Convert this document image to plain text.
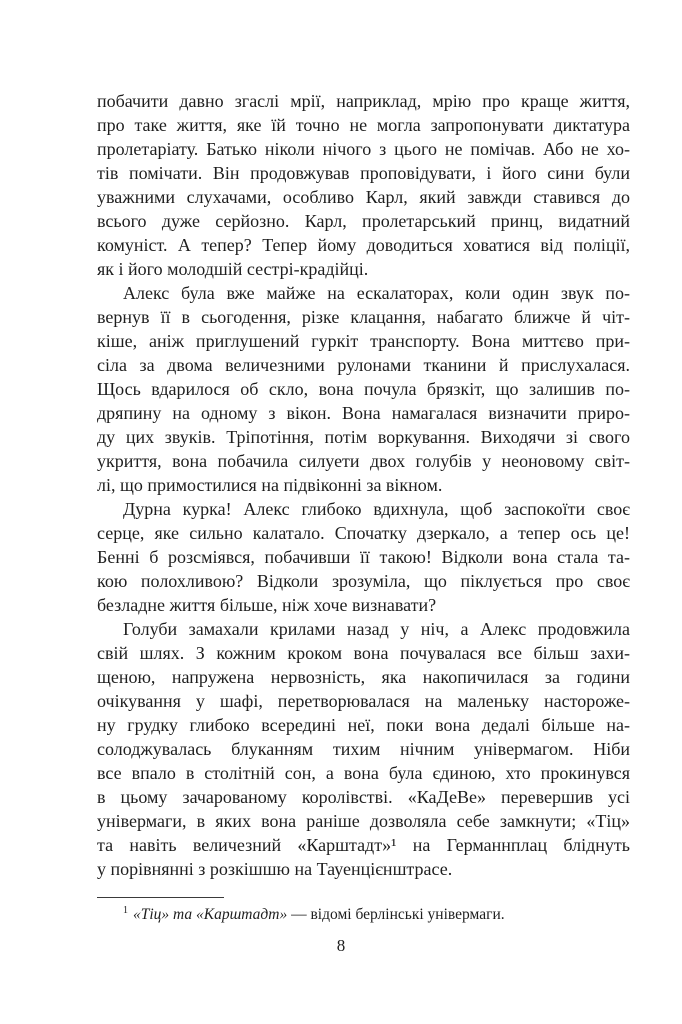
побачити давно згаслі мрії, наприклад, мрію про краще життя,
про таке життя, яке їй точно не могла запропонувати диктатура
пролетаріату. Батько ніколи нічого з цього не помічав. Або не хо-
тів помічати. Він продовжував проповідувати, і його сини були
уважними слухачами, особливо Карл, який завжди ставився до
всього дуже серйозно. Карл, пролетарський принц, видатний
комуніст. А тепер? Тепер йому доводиться ховатися від поліції,
як і його молодшій сестрі-крадійці.
Алекс була вже майже на ескалаторах, коли один звук по-
вернув її в сьогодення, різке клацання, набагато ближче й чіт-
кіше, аніж приглушений гуркіт транспорту. Вона миттєво при-
сіла за двома величезними рулонами тканини й прислухалася.
Щось вдарилося об скло, вона почула брязкіт, що залишив по-
дряпину на одному з вікон. Вона намагалася визначити приро-
ду цих звуків. Тріпотіння, потім воркування. Виходячи зі свого
укриття, вона побачила силуети двох голубів у неоновому світ-
лі, що примостилися на підвіконні за вікном.
Дурна курка! Алекс глибоко вдихнула, щоб заспокоїти своє
серце, яке сильно калатало. Спочатку дзеркало, а тепер ось це!
Бенні б розсміявся, побачивши її такою! Відколи вона стала та-
кою полохливою? Відколи зрозуміла, що піклується про своє
безладне життя більше, ніж хоче визнавати?
Голуби замахали крилами назад у ніч, а Алекс продовжила
свій шлях. З кожним кроком вона почувалася все більш захи-
щеною, напружена нервозність, яка накопичилася за години
очікування у шафі, перетворювалася на маленьку настороже-
ну грудку глибоко всередині неї, поки вона дедалі більше на-
солоджувалась блуканням тихим нічним універмагом. Ніби
все впало в столітній сон, а вона була єдиною, хто прокинувся
в цьому зачарованому королівстві. «КаДеВе» перевершив усі
універмаги, в яких вона раніше дозволяла себе замкнути; «Тіц»
та навіть величезний «Карштадт»¹ на Германнплац бліднуть
у порівнянні з розкішшю на Тауенцієнштрасе.
$^1$ «Тіц» та «Карштадт» — відомі берлінські універмаги.
8
